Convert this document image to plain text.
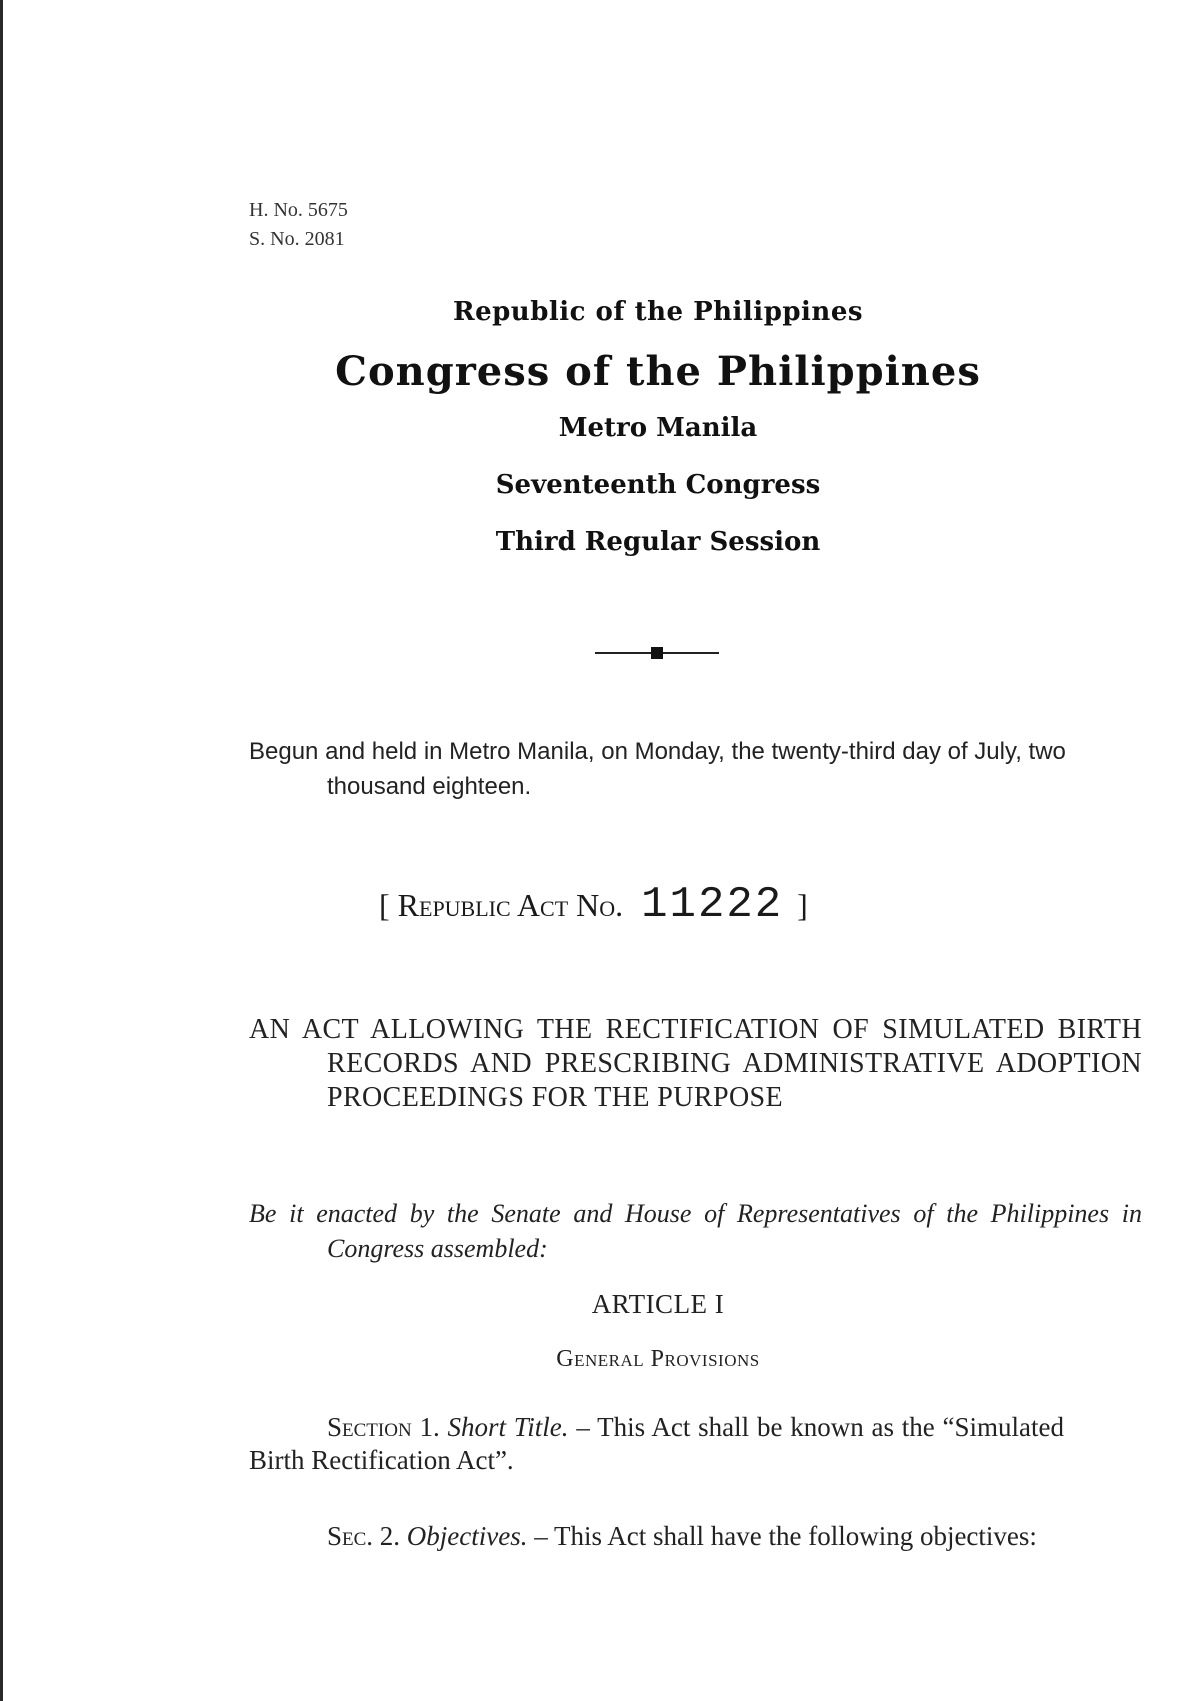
H. No. 5675
S. No. 2081
Republic of the Philippines
Congress of the Philippines
Metro Manila
Seventeenth Congress
Third Regular Session
Begun and held in Metro Manila, on Monday, the twenty-third day of July, two thousand eighteen.
[ Republic Act No. 11222 ]
AN ACT ALLOWING THE RECTIFICATION OF SIMULATED BIRTH RECORDS AND PRESCRIBING ADMINISTRATIVE ADOPTION PROCEEDINGS FOR THE PURPOSE
Be it enacted by the Senate and House of Representatives of the Philippines in Congress assembled:
ARTICLE I
General Provisions
Section 1. Short Title. – This Act shall be known as the “Simulated Birth Rectification Act”.
Sec. 2. Objectives. – This Act shall have the following objectives:
